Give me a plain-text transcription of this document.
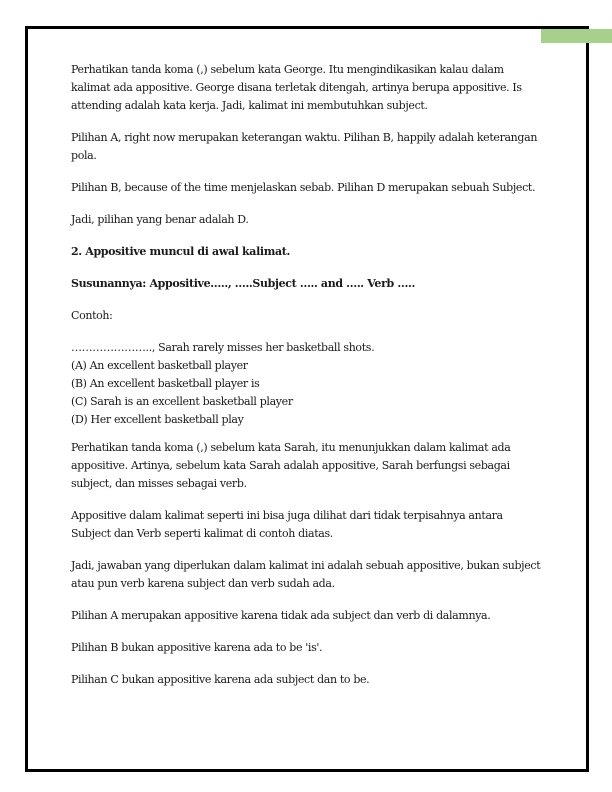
Perhatikan tanda koma (,) sebelum kata George. Itu mengindikasikan kalau dalam kalimat ada appositive. George disana terletak ditengah, artinya berupa appositive. Is attending adalah kata kerja. Jadi, kalimat ini membutuhkan subject.

Pilihan A, right now merupakan keterangan waktu. Pilihan B, happily adalah keterangan pola.

Pilihan B, because of the time menjelaskan sebab. Pilihan D merupakan sebuah Subject.

Jadi, pilihan yang benar adalah D.

2. Appositive muncul di awal kalimat.

Susunannya: Appositive….., …..Subject ….. and ….. Verb …..

Contoh:

………………….., Sarah rarely misses her basketball shots.
(A) An excellent basketball player
(B) An excellent basketball player is
(C) Sarah is an excellent basketball player
(D) Her excellent basketball play

Perhatikan tanda koma (,) sebelum kata Sarah, itu menunjukkan dalam kalimat ada appositive. Artinya, sebelum kata Sarah adalah appositive, Sarah berfungsi sebagai subject, dan misses sebagai verb.

Appositive dalam kalimat seperti ini bisa juga dilihat dari tidak terpisahnya antara Subject dan Verb seperti kalimat di contoh diatas.

Jadi, jawaban yang diperlukan dalam kalimat ini adalah sebuah appositive, bukan subject atau pun verb karena subject dan verb sudah ada.

Pilihan A merupakan appositive karena tidak ada subject dan verb di dalamnya.

Pilihan B bukan appositive karena ada to be 'is'.

Pilihan C bukan appositive karena ada subject dan to be.
